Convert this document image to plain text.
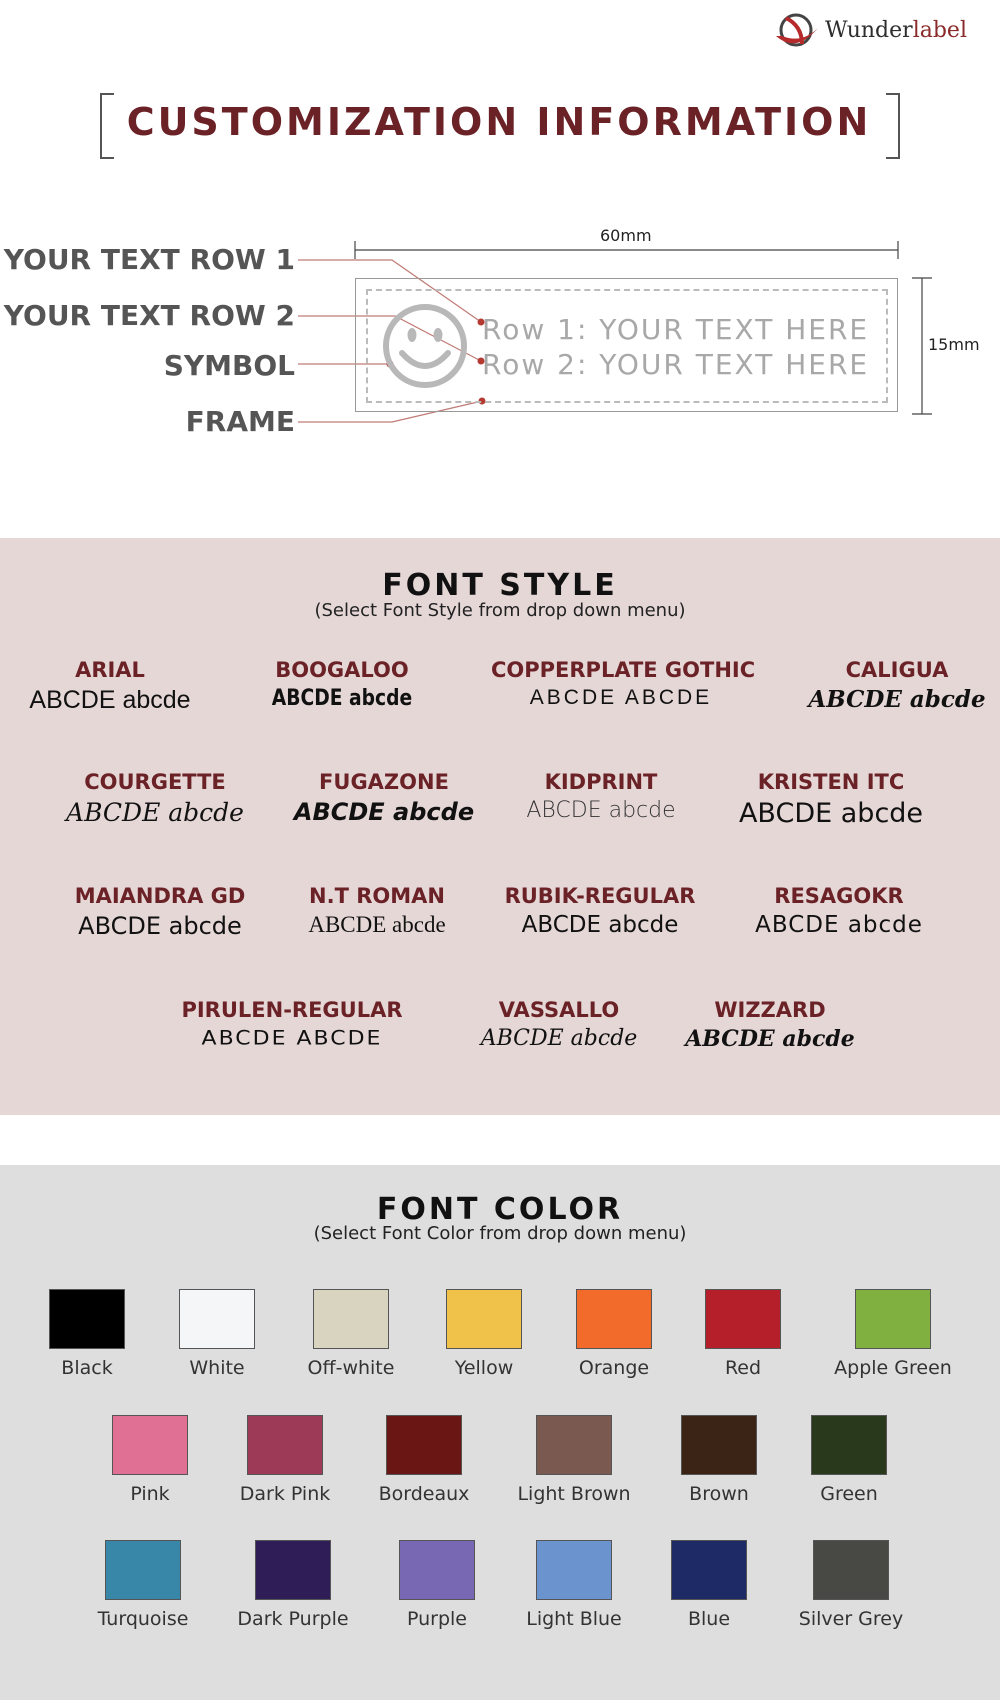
Wunderlabel
CUSTOMIZATION INFORMATION
YOUR TEXT ROW 1
YOUR TEXT ROW 2
SYMBOL
FRAME
60mm
15mm
Row 1: YOUR TEXT HERE
Row 2: YOUR TEXT HERE
FONT STYLE
(Select Font Style from drop down menu)
ARIAL
ABCDE abcde
BOOGALOO
ABCDE abcde
COPPERPLATE GOTHIC
ABCDE ABCDE
CALIGUA
ABCDE abcde
COURGETTE
ABCDE abcde
FUGAZONE
ABCDE abcde
KIDPRINT
ABCDE abcde
KRISTEN ITC
ABCDE abcde
MAIANDRA GD
ABCDE abcde
N.T ROMAN
ABCDE abcde
RUBIK-REGULAR
ABCDE abcde
RESAGOKR
ABCDE abcde
PIRULEN-REGULAR
ABCDE ABCDE
VASSALLO
ABCDE abcde
WIZZARD
ABCDE abcde
FONT COLOR
(Select Font Color from drop down menu)
Black	White	Off-white	Yellow	Orange	Red	Apple Green
Pink	Dark Pink	Bordeaux	Light Brown	Brown	Green
Turquoise	Dark Purple	Purple	Light Blue	Blue	Silver Grey
